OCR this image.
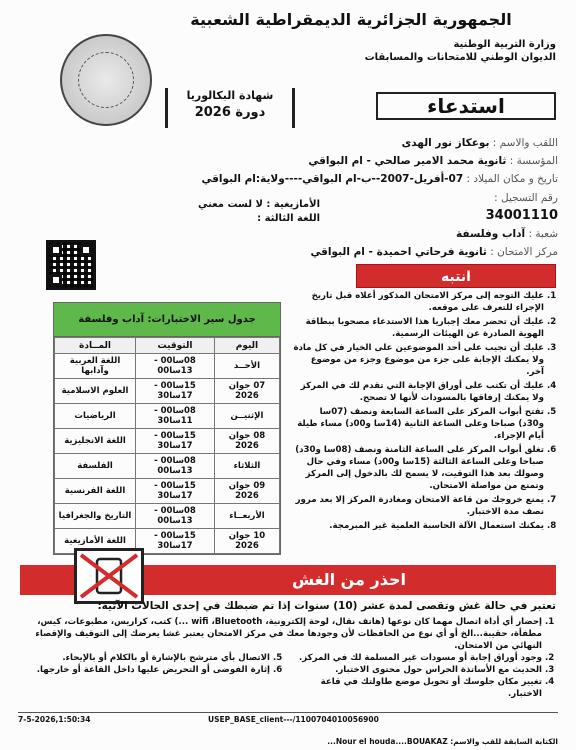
الجمهورية الجزائرية الديمقراطية الشعبية
وزارة التربية الوطنية
الديوان الوطني للامتحانات والمسابقات
استدعاء
شهادة البكالوريا
دورة 2026
اللقب والاسم : بوعكاز نور الهدى
المؤسسة : ثانوية محمد الامير صالحي - ام البواقي
تاريخ و مكان الميلاد : 07-أفريل-2007--ب-ام البواقي----ولاية:ام البواقي
رقم التسجيل :
34001110
شعبة : آداب وفلسفة
مركز الامتحان : ثانوية فرحاتي احميدة - ام البواقي
الأمازيغية : لا لست معني
اللغة الثالثة :
انتبه
1. عليك التوجه إلى مركز الامتحان المذكور أعلاه قبل تاريخ الإجراء للتعرف على موقعه.
2. عليك أن تحضر معك إجباريا هذا الاستدعاء مصحوبا ببطاقة الهوية الصادرة عن الهيئات الرسمية.
3. عليك أن تجيب على أحد الموضوعين على الخيار في كل مادة ولا يمكنك الإجابة على جزء من موضوع وجزء من موضوع آخر.
4. عليك أن تكتب على أوراق الإجابة التي تقدم لك في المركز ولا يمكنك إرفاقها بالمسودات لأنها لا تصحح.
5. تفتح أبواب المركز على الساعة السابعة ونصف (07سا و30د) صباحا وعلى الساعة الثانية (14سا و00د) مساء طيلة أيام الإجراء.
6. تغلق أبواب المركز على الساعة الثامنة ونصف (08سا و30د) صباحا وعلى الساعة الثالثة (15سا و00د) مساء وفي حال وصولك بعد هذا التوقيت، لا يسمح لك بالدخول إلى المركز وتمنع من مواصلة الامتحان.
7. يمنع خروجك من قاعة الامتحان ومغادرة المركز إلا بعد مرور نصف مدة الاختبار.
8. يمكنك استعمال الآلة الحاسبة العلمية غير المبرمجة.
جدول سير الاختبارات: آداب وفلسفة
اليوم	التوقيت	المــادة
الأحــد	08سا00 - 13سا00	اللغة العربية وآدابها
07 جوان 2026	15سا00 - 17سا30	العلوم الاسلامية
الإثنيــن	08سا00 - 11سا30	الرياضيات
08 جوان 2026	15سا00 - 17سا30	اللغة الانجليزية
الثلاثاء	08سا00 - 13سا00	الفلسفة
09 جوان 2026	15سا00 - 17سا30	اللغة الفرنسية
الأربعــاء	08سا00 - 13سا00	التاريخ والجغرافيا
10 جوان 2026	15سا00 - 17سا30	اللغة الأمازيغية
احذر من الغش
تعتبر في حالة غش وتقصى لمدة عشر (10) سنوات إذا تم ضبطك في إحدى الحالات الآتية:
1. إحضار أي أداة اتصال مهما كان نوعها (هاتف نقال، لوحة إلكترونية، wifi ،Bluetooth ...) كتب، كراريس، مطبوعات، كيس، مطفأة، حقيبة...الخ أو أي نوع من الحافظات لأن وجودها معك في مركز الامتحان يعتبر غشا يعرضك إلى التوقيف والإقصاء النهائي من الامتحان.
2. وجود أوراق إجابة أو مسودات غير المسلمة لك في المركز.
3. الحديث مع الأساتذة الحراس حول محتوى الاختبار.
4. تغيير مكان جلوسك أو تحويل موضع طاولتك في قاعة الاختبار.
5. الاتصال بأي مترشح بالإشارة أو بالكلام أو بالإيحاء.
6. إثارة الفوضى أو التحريض عليها داخل القاعة أو خارجها.
7-5-2026,1:50:34	USEP_BASE_client---/1100704010056900
الكتابة السابقة للقب والاسم: Nour el houda....BOUAKAZ...
